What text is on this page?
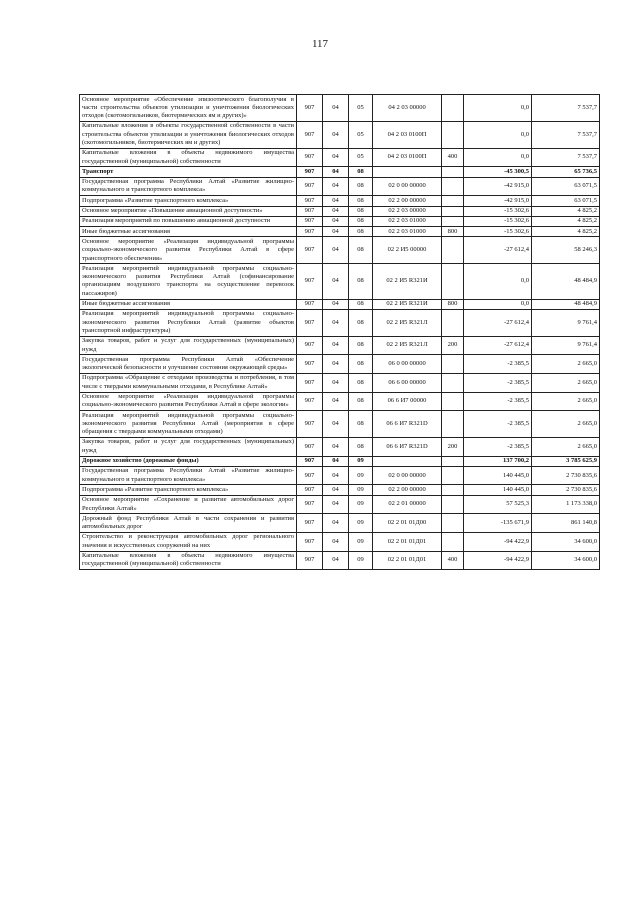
117
Основное мероприятие «Обеспечение эпизоотического благополучия в части строительства объектов утилизации и уничтожения биологических отходов (скотомогильников, биотермических ям и других)»	907	04	05	04 2 03 00000		0,0	7 537,7
Капитальные вложения в объекты государственной собственности в части строительства объектов утилизации и уничтожения биологических отходов (скотомогильников, биотермических ям и других)	907	04	05	04 2 03 0100П		0,0	7 537,7
Капитальные вложения в объекты недвижимого имущества государственной (муниципальной) собственности	907	04	05	04 2 03 0100П	400	0,0	7 537,7
Транспорт	907	04	08			-45 300,5	65 736,5
Государственная программа Республики Алтай «Развитие жилищно-коммунального и транспортного комплекса»	907	04	08	02 0 00 00000		-42 915,0	63 071,5
Подпрограмма «Развитие транспортного комплекса»	907	04	08	02 2 00 00000		-42 915,0	63 071,5
Основное мероприятие «Повышение авиационной доступности»	907	04	08	02 2 03 00000		-15 302,6	4 825,2
Реализация мероприятий по повышению авиационной доступности	907	04	08	02 2 03 01000		-15 302,6	4 825,2
Иные бюджетные ассигнования	907	04	08	02 2 03 01000	800	-15 302,6	4 825,2
Основное мероприятие «Реализация индивидуальной программы социально-экономического развития Республики Алтай в сфере транспортного обеспечения»	907	04	08	02 2 И5 00000		-27 612,4	58 246,3
Реализация мероприятий индивидуальной программы социально-экономического развития Республики Алтай (софинансирование организациям воздушного транспорта на осуществление перевозок пассажиров)	907	04	08	02 2 И5 R321И		0,0	48 484,9
Иные бюджетные ассигнования	907	04	08	02 2 И5 R321И	800	0,0	48 484,9
Реализация мероприятий индивидуальной программы социально-экономического развития Республики Алтай (развитие объектов транспортной инфраструктуры)	907	04	08	02 2 И5 R321Л		-27 612,4	9 761,4
Закупка товаров, работ и услуг для государственных (муниципальных) нужд	907	04	08	02 2 И5 R321Л	200	-27 612,4	9 761,4
Государственная программа Республики Алтай «Обеспечение экологической безопасности и улучшение состояния окружающей среды»	907	04	08	06 0 00 00000		-2 385,5	2 665,0
Подпрограмма «Обращение с отходами производства и потребления, в том числе с твердыми коммунальными отходами, в Республике Алтай»	907	04	08	06 6 00 00000		-2 385,5	2 665,0
Основное мероприятие «Реализация индивидуальной программы социально-экономического развития Республики Алтай в сфере экологии»	907	04	08	06 6 И7 00000		-2 385,5	2 665,0
Реализация мероприятий индивидуальной программы социально-экономического развития Республики Алтай (мероприятия в сфере обращения с твердыми коммунальными отходами)	907	04	08	06 6 И7 R321D		-2 385,5	2 665,0
Закупка товаров, работ и услуг для государственных (муниципальных) нужд	907	04	08	06 6 И7 R321D	200	-2 385,5	2 665,0
Дорожное хозяйство (дорожные фонды)	907	04	09			137 700,2	3 785 625,9
Государственная программа Республики Алтай «Развитие жилищно-коммунального и транспортного комплекса»	907	04	09	02 0 00 00000		140 445,0	2 730 835,6
Подпрограмма «Развитие транспортного комплекса»	907	04	09	02 2 00 00000		140 445,0	2 730 835,6
Основное мероприятие «Сохранение и развитие автомобильных дорог Республики Алтай»	907	04	09	02 2 01 00000		57 525,3	1 173 338,0
Дорожный фонд Республики Алтай в части сохранения и развития автомобильных дорог	907	04	09	02 2 01 01Д00		-135 671,9	861 140,8
Строительство и реконструкция автомобильных дорог регионального значения и искусственных сооружений на них	907	04	09	02 2 01 01Д01		-94 422,9	34 600,0
Капитальные вложения в объекты недвижимого имущества государственной (муниципальной) собственности	907	04	09	02 2 01 01Д01	400	-94 422,9	34 600,0
